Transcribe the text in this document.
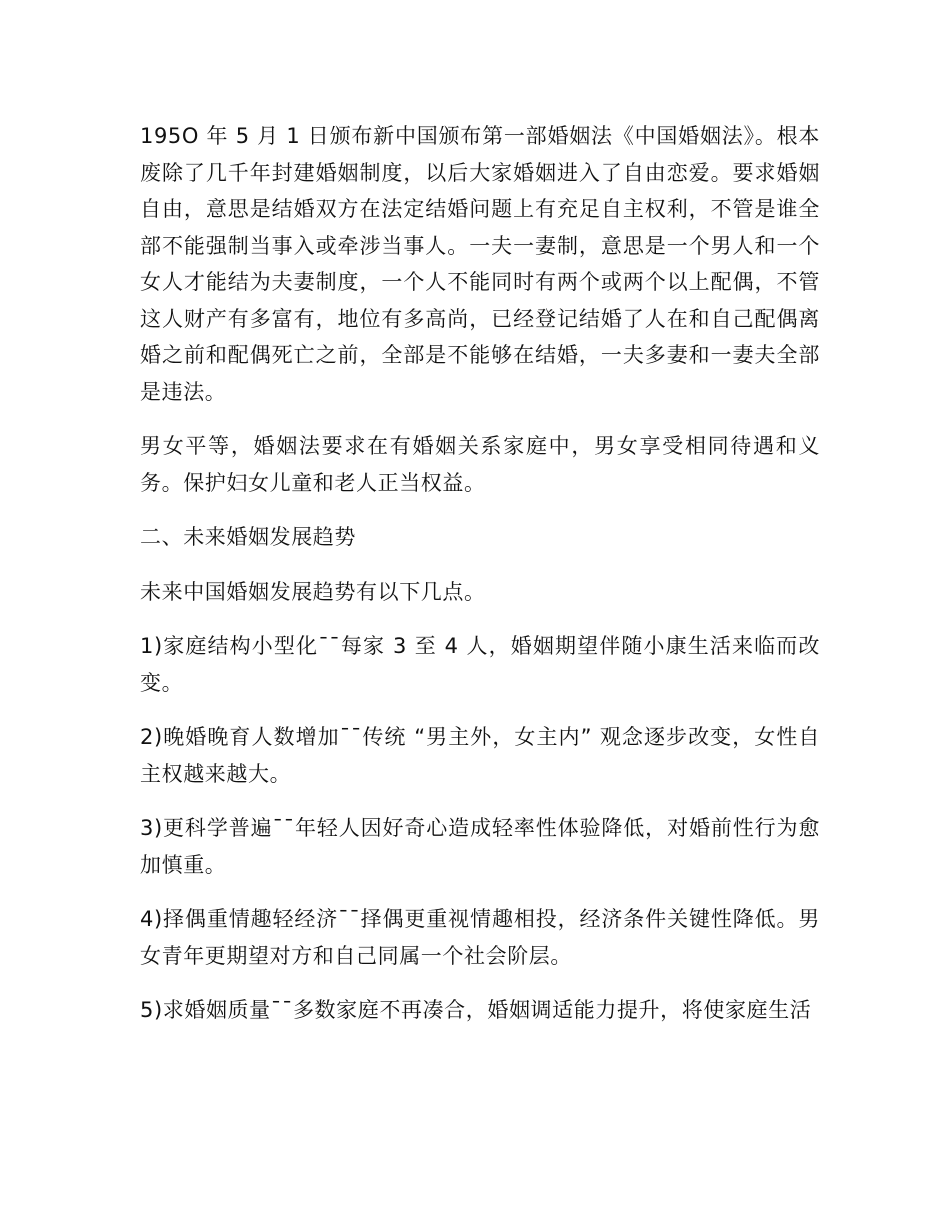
195O 年 5 月 1 日颁布新中国颁布第一部婚姻法《中国婚姻法》。根本废除了几千年封建婚姻制度，以后大家婚姻进入了自由恋爱。要求婚姻自由，意思是结婚双方在法定结婚问题上有充足自主权利，不管是谁全部不能强制当事入或牵涉当事人。一夫一妻制，意思是一个男人和一个女人才能结为夫妻制度，一个人不能同时有两个或两个以上配偶，不管这人财产有多富有，地位有多高尚，已经登记结婚了人在和自己配偶离婚之前和配偶死亡之前，全部是不能够在结婚，一夫多妻和一妻夫全部是违法。

男女平等，婚姻法要求在有婚姻关系家庭中，男女享受相同待遇和义务。保护妇女儿童和老人正当权益。

二、未来婚姻发展趋势

未来中国婚姻发展趋势有以下几点。

1)家庭结构小型化¯¯每家 3 至 4 人，婚姻期望伴随小康生活来临而改变。

2)晚婚晚育人数增加¯¯传统 “男主外，女主内” 观念逐步改变，女性自主权越来越大。

3)更科学普遍¯¯年轻人因好奇心造成轻率性体验降低，对婚前性行为愈加慎重。

4)择偶重情趣轻经济¯¯择偶更重视情趣相投，经济条件关键性降低。男女青年更期望对方和自己同属一个社会阶层。

5)求婚姻质量¯¯多数家庭不再凑合，婚姻调适能力提升，将使家庭生活
